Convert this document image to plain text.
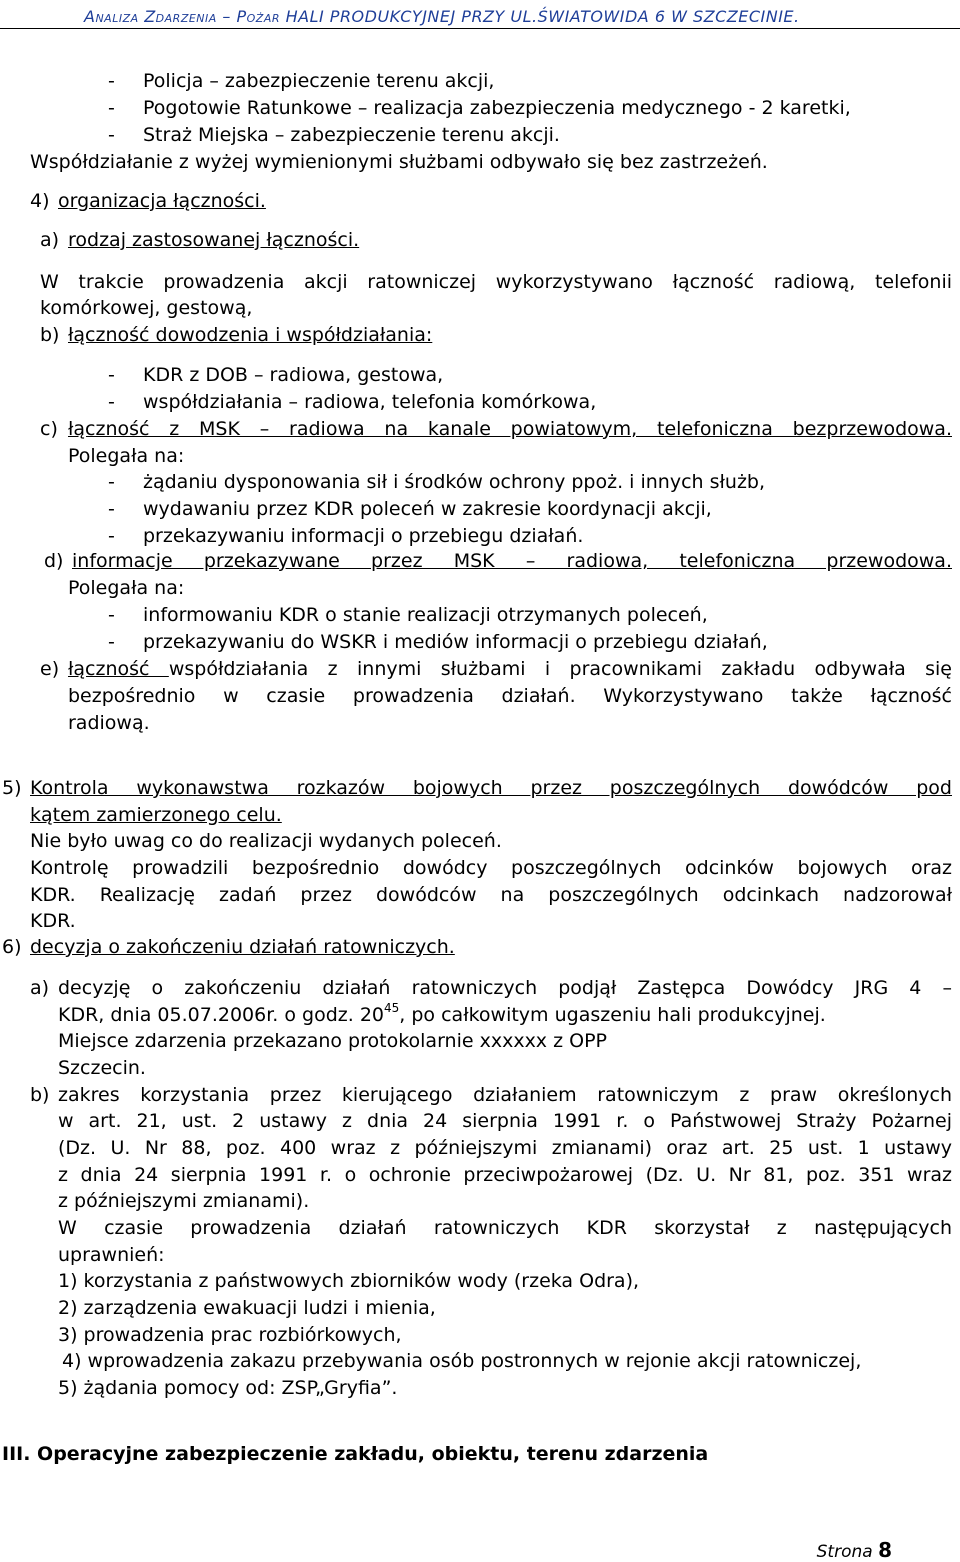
Analiza Zdarzenia – Pożar HALI PRODUKCYJNEJ PRZY UL.ŚWIATOWIDA 6 W SZCZECINIE.
- Policja – zabezpieczenie terenu akcji,

- Pogotowie Ratunkowe – realizacja zabezpieczenia medycznego - 2 karetki,

- Straż Miejska – zabezpieczenie terenu akcji.

Współdziałanie z wyżej wymienionymi służbami odbywało się bez zastrzeżeń.

4) organizacja łączności.

a) rodzaj zastosowanej łączności.

W trakcie prowadzenia akcji ratowniczej wykorzystywano łączność radiową, telefonii

komórkowej, gestową,

b) łączność dowodzenia i współdziałania:

- KDR z DOB – radiowa, gestowa,

- współdziałania – radiowa, telefonia komórkowa,

c) łączność z MSK – radiowa na kanale powiatowym, telefoniczna bezprzewodowa.

Polegała na:

- żądaniu dysponowania sił i środków ochrony ppoż. i innych służb,

- wydawaniu przez KDR poleceń w zakresie koordynacji akcji,

- przekazywaniu informacji o przebiegu działań.

d) informacje przekazywane przez MSK – radiowa, telefoniczna przewodowa.

Polegała na:

- informowaniu KDR o stanie realizacji otrzymanych poleceń,

- przekazywaniu do WSKR i mediów informacji o przebiegu działań,

e) łączność współdziałania z innymi służbami i pracownikami zakładu odbywała się

bezpośrednio w czasie prowadzenia działań. Wykorzystywano także łączność

radiową.

5) Kontrola wykonawstwa rozkazów bojowych przez poszczególnych dowódców pod

kątem zamierzonego celu.

Nie było uwag co do realizacji wydanych poleceń.

Kontrolę prowadzili bezpośrednio dowódcy poszczególnych odcinków bojowych oraz

KDR. Realizację zadań przez dowódców na poszczególnych odcinkach nadzorował

KDR.

6) decyzja o zakończeniu działań ratowniczych.

a) decyzję o zakończeniu działań ratowniczych podjął Zastępca Dowódcy JRG 4 –

KDR, dnia 05.07.2006r. o godz. $20^{45}$, po całkowitym ugaszeniu hali produkcyjnej.

Miejsce zdarzenia przekazano protokolarnie xxxxxx z OPP

Szczecin.

b) zakres korzystania przez kierującego działaniem ratowniczym z praw określonych

w art. 21, ust. 2 ustawy z dnia 24 sierpnia 1991 r. o Państwowej Straży Pożarnej

(Dz. U. Nr 88, poz. 400 wraz z późniejszymi zmianami) oraz art. 25 ust. 1 ustawy

z dnia 24 sierpnia 1991 r. o ochronie przeciwpożarowej (Dz. U. Nr 81, poz. 351 wraz

z późniejszymi zmianami).

W czasie prowadzenia działań ratowniczych KDR skorzystał z następujących

uprawnień:

1) korzystania z państwowych zbiorników wody (rzeka Odra),

2) zarządzenia ewakuacji ludzi i mienia,

3) prowadzenia prac rozbiórkowych,

4) wprowadzenia zakazu przebywania osób postronnych w rejonie akcji ratowniczej,

5) żądania pomocy od: ZSP„Gryfia”.

III. Operacyjne zabezpieczenie zakładu, obiektu, terenu zdarzenia

Strona 8
